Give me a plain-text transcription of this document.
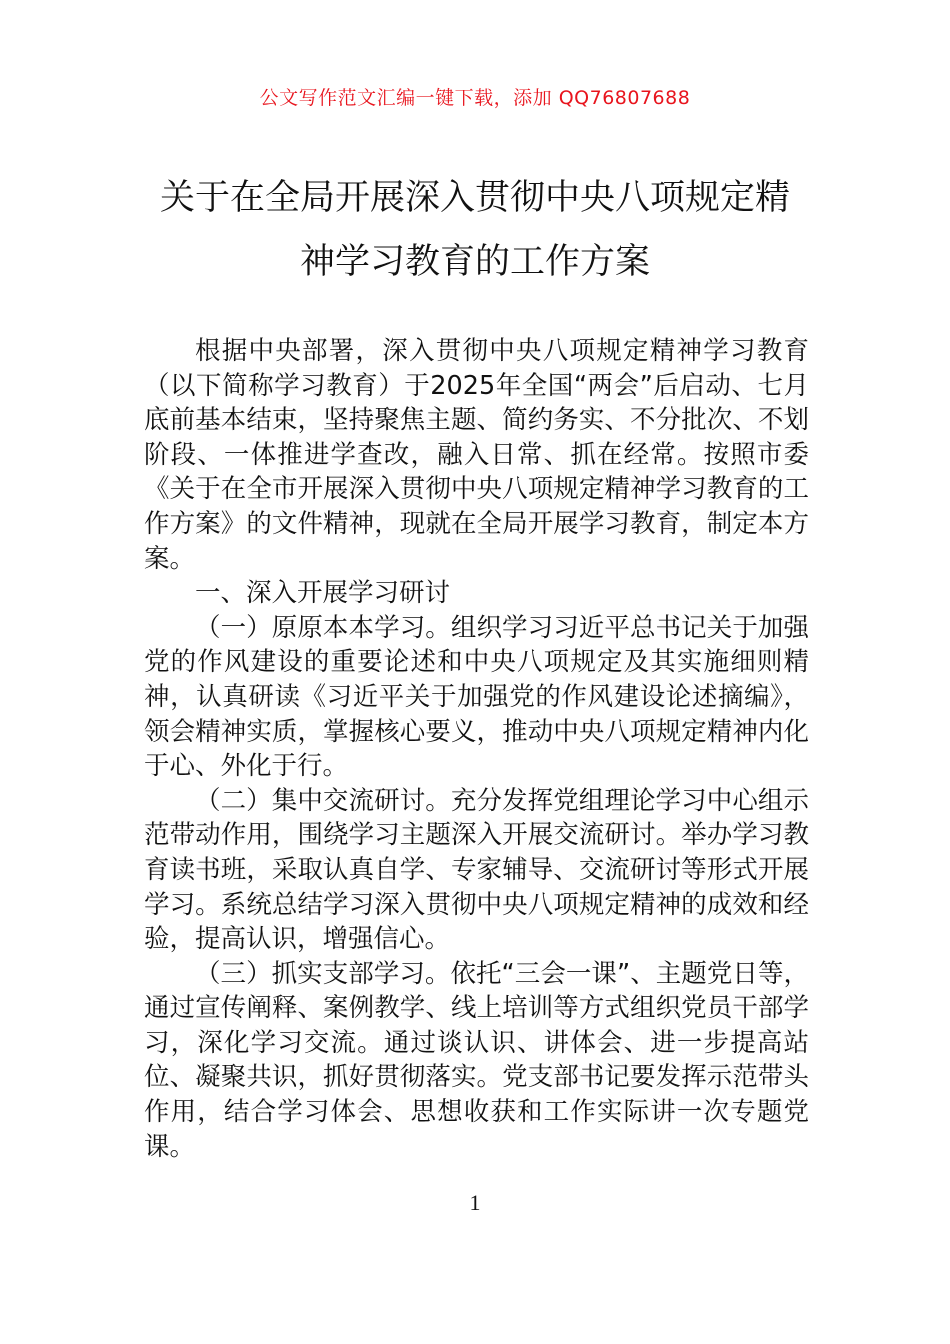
公文写作范文汇编一键下载，添加 QQ76807688
关于在全局开展深入贯彻中央八项规定精
神学习教育的工作方案

根据中央部署，深入贯彻中央八项规定精神学习教育（以下简称学习教育）于2025年全国“两会”后启动、七月底前基本结束，坚持聚焦主题、简约务实、不分批次、不划阶段、一体推进学查改，融入日常、抓在经常。按照市委《关于在全市开展深入贯彻中央八项规定精神学习教育的工作方案》的文件精神，现就在全局开展学习教育，制定本方案。

一、深入开展学习研讨

（一）原原本本学习。组织学习习近平总书记关于加强党的作风建设的重要论述和中央八项规定及其实施细则精神，认真研读《习近平关于加强党的作风建设论述摘编》，领会精神实质，掌握核心要义，推动中央八项规定精神内化于心、外化于行。

（二）集中交流研讨。充分发挥党组理论学习中心组示范带动作用，围绕学习主题深入开展交流研讨。举办学习教育读书班，采取认真自学、专家辅导、交流研讨等形式开展学习。系统总结学习深入贯彻中央八项规定精神的成效和经验，提高认识，增强信心。

（三）抓实支部学习。依托“三会一课”、主题党日等，通过宣传阐释、案例教学、线上培训等方式组织党员干部学习，深化学习交流。通过谈认识、讲体会、进一步提高站位、凝聚共识，抓好贯彻落实。党支部书记要发挥示范带头作用，结合学习体会、思想收获和工作实际讲一次专题党课。

1
